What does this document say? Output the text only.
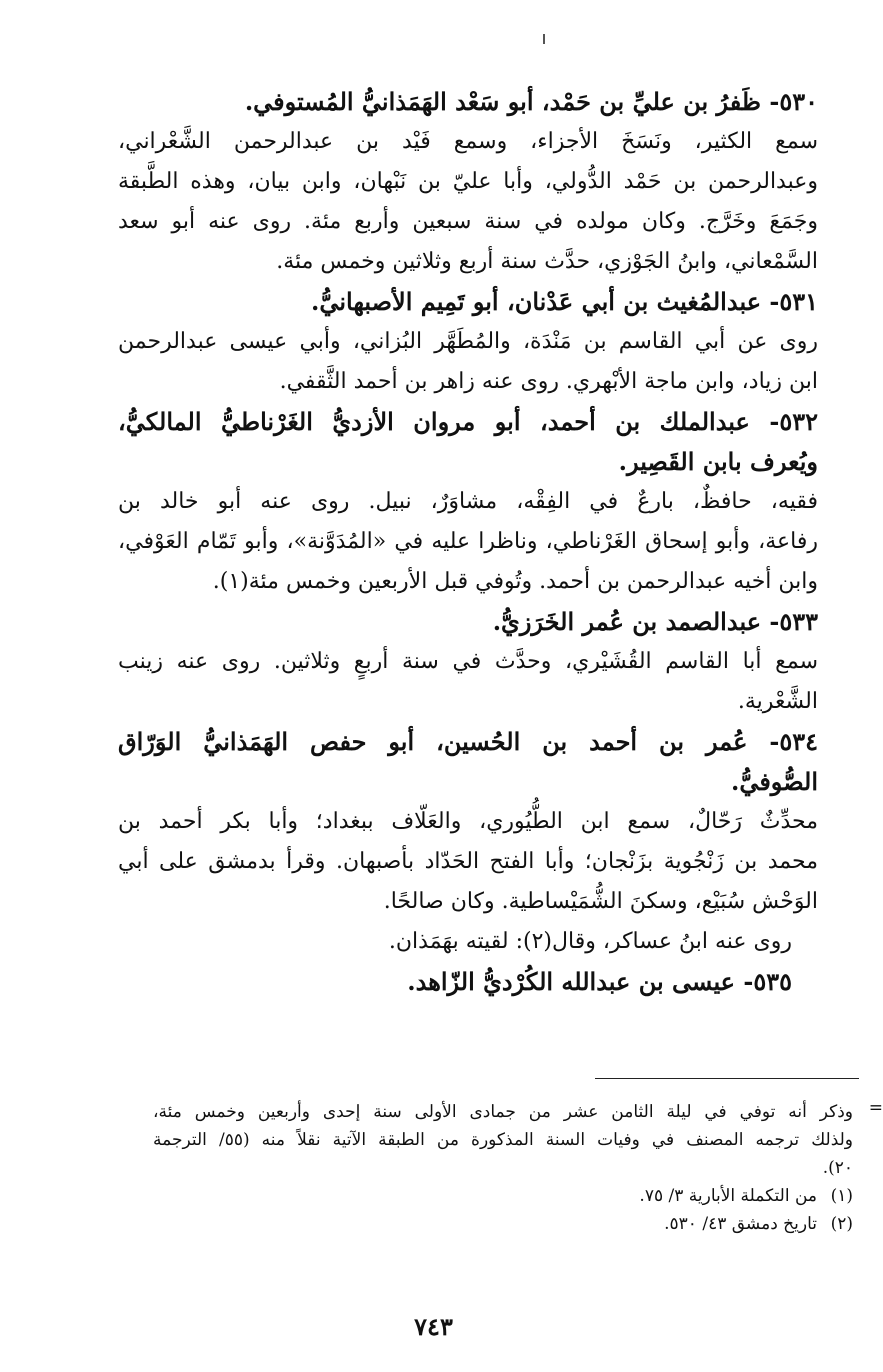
٥٣٠- ظَفرُ بن عليِّ بن حَمْد، أبو سَعْد الهَمَذانيُّ المُستوفي.
سمع الكثير، ونَسَخَ الأجزاء، وسمع فَيْد بن عبدالرحمن الشَّعْراني،
وعبدالرحمن بن حَمْد الدُّولي، وأبا عليّ بن نَبْهان، وابن بيان، وهذه الطَّبقة
وجَمَعَ وخَرَّج. وكان مولده في سنة سبعين وأربع مئة. روى عنه أبو سعد
السَّمْعاني، وابنُ الجَوْزي، حدَّث سنة أربع وثلاثين وخمس مئة.
٥٣١- عبدالمُغيث بن أبي عَدْنان، أبو تَمِيم الأصبهانيُّ.
روى عن أبي القاسم بن مَنْدَة، والمُطَهَّر البُزاني، وأبي عيسى عبدالرحمن
ابن زياد، وابن ماجة الأبْهري. روى عنه زاهر بن أحمد الثَّقفي.
٥٣٢- عبدالملك بن أحمد، أبو مروان الأزديُّ الغَرْناطيُّ المالكيُّ،
ويُعرف بابن القَصِير.
فقيه، حافظٌ، بارعٌ في الفِقْه، مشاوَرٌ، نبيل. روى عنه أبو خالد بن
رفاعة، وأبو إسحاق الغَرْناطي، وناظرا عليه في «المُدَوَّنة»، وأبو تَمّام العَوْفي،
وابن أخيه عبدالرحمن بن أحمد. وتُوفي قبل الأربعين وخمس مئة(١).
٥٣٣- عبدالصمد بن عُمر الخَرَزيُّ.
سمع أبا القاسم القُشَيْري، وحدَّث في سنة أربعٍ وثلاثين. روى عنه زينب
الشَّعْرية.
٥٣٤- عُمر بن أحمد بن الحُسين، أبو حفص الهَمَذانيُّ الوَرّاق
الصُّوفيُّ.
محدِّثٌ رَحّالٌ، سمع ابن الطُّيُوري، والعَلّاف ببغداد؛ وأبا بكر أحمد بن
محمد بن زَنْجُوية بزَنْجان؛ وأبا الفتح الحَدّاد بأصبهان. وقرأ بدمشق على أبي
الوَحْش سُبَيْع، وسكنَ الشُّمَيْساطية. وكان صالحًا.
روى عنه ابنُ عساكر، وقال(٢): لقيته بهَمَذان.
٥٣٥- عيسى بن عبدالله الكُرْديُّ الزّاهد.
=
وذكر أنه توفي في ليلة الثامن عشر من جمادى الأولى سنة إحدى وأربعين وخمس مئة،
ولذلك ترجمه المصنف في وفيات السنة المذكورة من الطبقة الآتية نقلاً منه (٥٥/ الترجمة
٢٠).
(١)
من التكملة الأبارية ٣/ ٧٥.
(٢)
تاريخ دمشق ٤٣/ ٥٣٠.
٧٤٣
